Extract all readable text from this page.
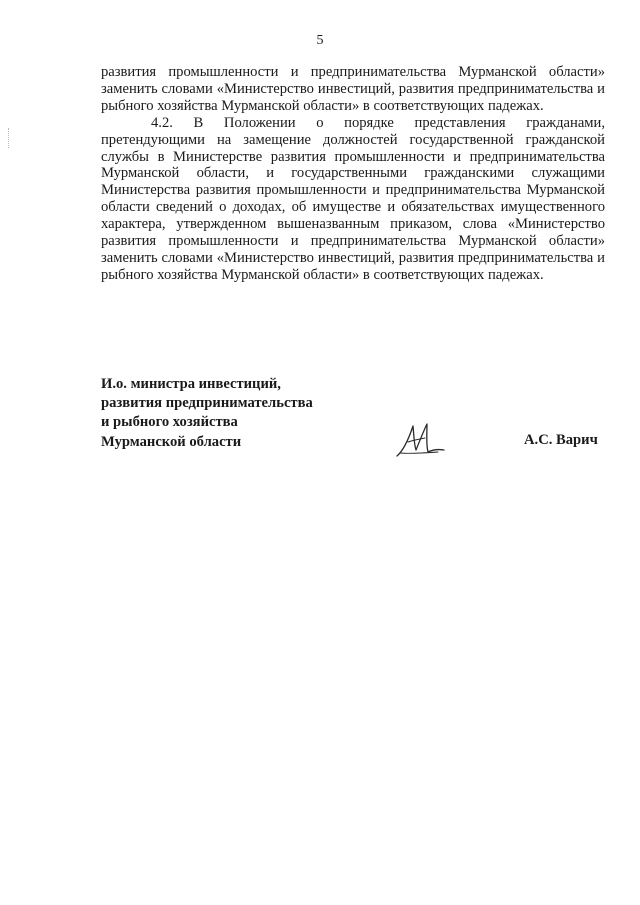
5

развития промышленности и предпринимательства Мурманской области» заменить словами «Министерство инвестиций, развития предпринимательства и рыбного хозяйства Мурманской области» в соответствующих падежах.

4.2. В Положении о порядке представления гражданами, претендующими на замещение должностей государственной гражданской службы в Министерстве развития промышленности и предпринимательства Мурманской области, и государственными гражданскими служащими Министерства развития промышленности и предпринимательства Мурманской области сведений о доходах, об имуществе и обязательствах имущественного характера, утвержденном вышеназванным приказом, слова «Министерство развития промышленности и предпринимательства Мурманской области» заменить словами «Министерство инвестиций, развития предпринимательства и рыбного хозяйства Мурманской области» в соответствующих падежах.

И.о. министра инвестиций,
развития предпринимательства
и рыбного хозяйства
Мурманской области	А.С. Варич
